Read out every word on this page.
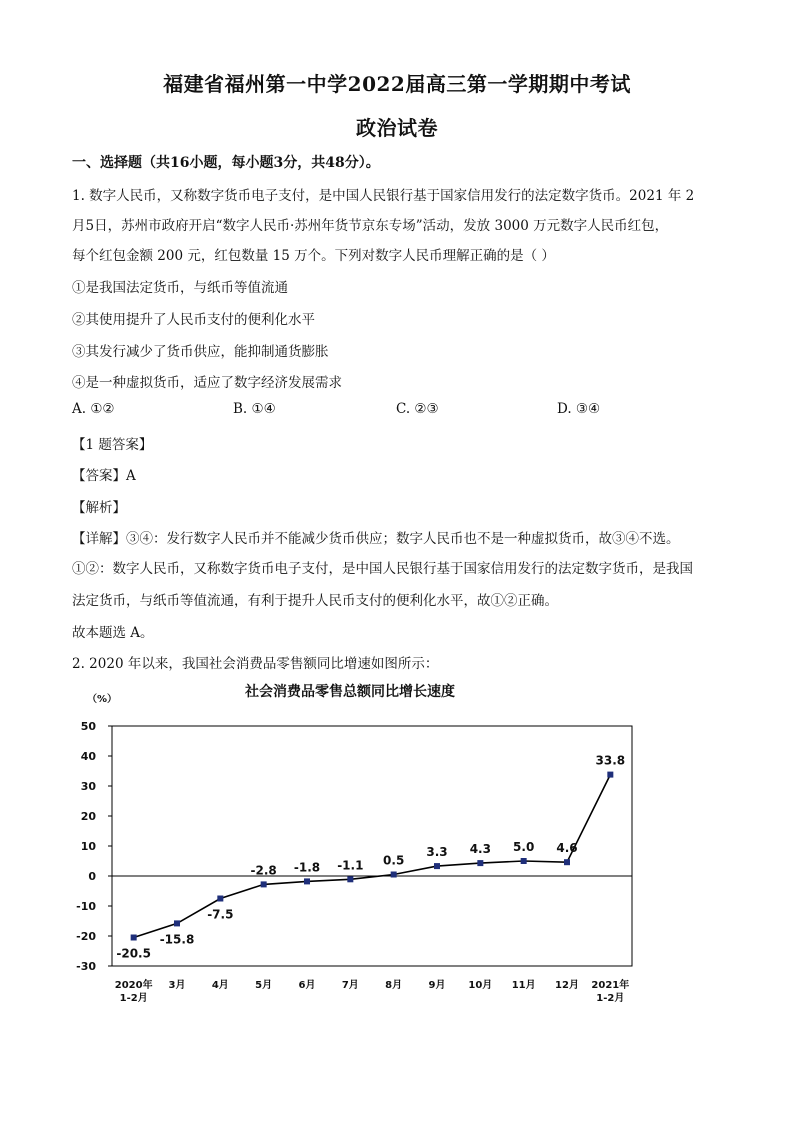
福建省福州第一中学2022届高三第一学期期中考试
政治试卷
一、选择题（共16小题，每小题3分，共48分）。
1. 数字人民币，又称数字货币电子支付，是中国人民银行基于国家信用发行的法定数字货币。2021 年 2
月5日，苏州市政府开启“数字人民币·苏州年货节京东专场”活动，发放 3000 万元数字人民币红包，
每个红包金额 200 元，红包数量 15 万个。下列对数字人民币理解正确的是（ ）
①是我国法定货币，与纸币等值流通
②其使用提升了人民币支付的便利化水平
③其发行减少了货币供应，能抑制通货膨胀
④是一种虚拟货币，适应了数字经济发展需求
A. ①②	B. ①④	C. ②③	D. ③④
【1 题答案】
【答案】A
【解析】
【详解】③④：发行数字人民币并不能减少货币供应；数字人民币也不是一种虚拟货币，故③④不选。
①②：数字人民币，又称数字货币电子支付，是中国人民银行基于国家信用发行的法定数字货币，是我国
法定货币，与纸币等值流通，有利于提升人民币支付的便利化水平，故①②正确。
故本题选 A。
2. 2020 年以来，我国社会消费品零售额同比增速如图所示：
社会消费品零售总额同比增长速度
（%）
50
40
30
20
10
0
-10
-20
-30
2020年
1-2月
3月	4月	5月	6月	7月	8月	9月 10月 11月 12月 2021年
1-2月
-20.5
-15.8
-7.5
-2.8 -1.8 -1.1 0.5
3.3 4.3 5.0 4.6
33.8
